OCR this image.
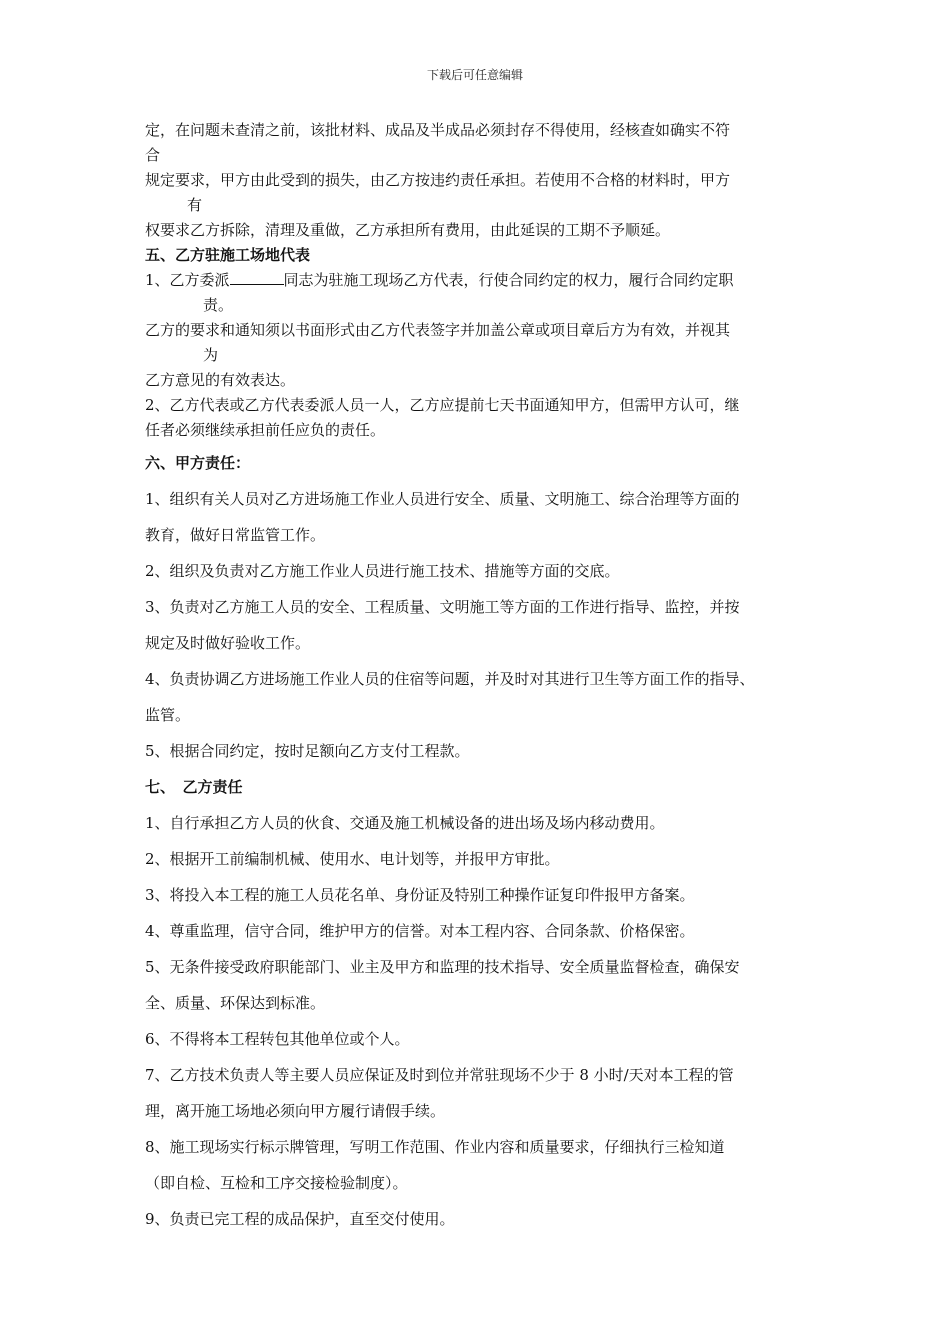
下载后可任意编辑
定，在问题未查清之前，该批材料、成品及半成品必须封存不得使用，经核查如确实不符
合
规定要求，甲方由此受到的损失，由乙方按违约责任承担。若使用不合格的材料时，甲方
有
权要求乙方拆除，清理及重做，乙方承担所有费用，由此延误的工期不予顺延。
五、乙方驻施工场地代表
1、乙方委派	同志为驻施工现场乙方代表，行使合同约定的权力，履行合同约定职
责。
乙方的要求和通知须以书面形式由乙方代表签字并加盖公章或项目章后方为有效，并视其
为
乙方意见的有效表达。
2、乙方代表或乙方代表委派人员一人，乙方应提前七天书面通知甲方，但需甲方认可，继
任者必须继续承担前任应负的责任。
六、甲方责任：
1、组织有关人员对乙方进场施工作业人员进行安全、质量、文明施工、综合治理等方面的
教育，做好日常监管工作。
2、组织及负责对乙方施工作业人员进行施工技术、措施等方面的交底。
3、负责对乙方施工人员的安全、工程质量、文明施工等方面的工作进行指导、监控，并按
规定及时做好验收工作。
4、负责协调乙方进场施工作业人员的住宿等问题，并及时对其进行卫生等方面工作的指导、
监管。
5、根据合同约定，按时足额向乙方支付工程款。
七、　乙方责任
1、自行承担乙方人员的伙食、交通及施工机械设备的进出场及场内移动费用。
2、根据开工前编制机械、使用水、电计划等，并报甲方审批。
3、将投入本工程的施工人员花名单、身份证及特别工种操作证复印件报甲方备案。
4、尊重监理，信守合同，维护甲方的信誉。对本工程内容、合同条款、价格保密。
5、无条件接受政府职能部门、业主及甲方和监理的技术指导、安全质量监督检查，确保安
全、质量、环保达到标准。
6、不得将本工程转包其他单位或个人。
7、乙方技术负责人等主要人员应保证及时到位并常驻现场不少于 8 小时/天对本工程的管
理，离开施工场地必须向甲方履行请假手续。
8、施工现场实行标示牌管理，写明工作范围、作业内容和质量要求，仔细执行三检知道
（即自检、互检和工序交接检验制度）。
9、负责已完工程的成品保护，直至交付使用。
